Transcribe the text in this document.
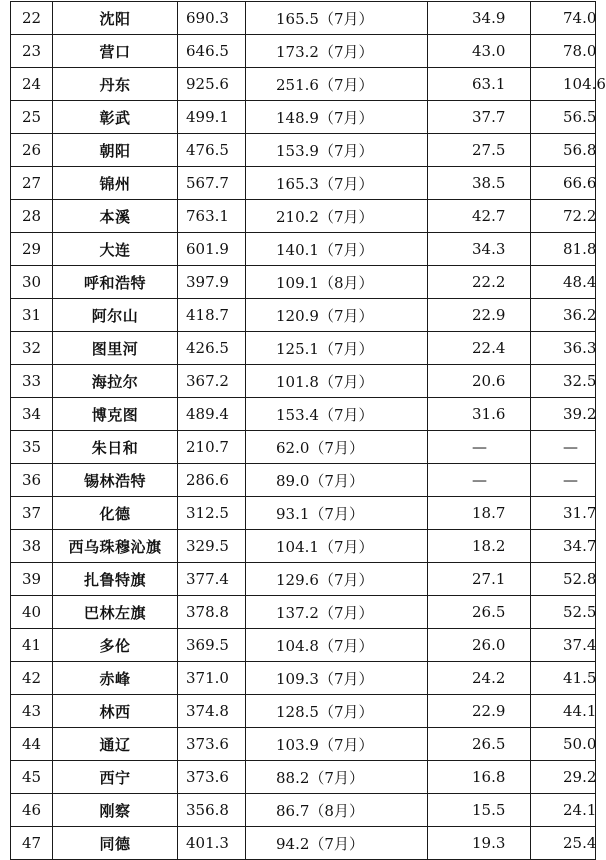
22	沈阳	690.3	165.5（7月）	34.9	74.0
23	营口	646.5	173.2（7月）	43.0	78.0
24	丹东	925.6	251.6（7月）	63.1	104.6
25	彰武	499.1	148.9（7月）	37.7	56.5
26	朝阳	476.5	153.9（7月）	27.5	56.8
27	锦州	567.7	165.3（7月）	38.5	66.6
28	本溪	763.1	210.2（7月）	42.7	72.2
29	大连	601.9	140.1（7月）	34.3	81.8
30	呼和浩特	397.9	109.1（8月）	22.2	48.4
31	阿尔山	418.7	120.9（7月）	22.9	36.2
32	图里河	426.5	125.1（7月）	22.4	36.3
33	海拉尔	367.2	101.8（7月）	20.6	32.5
34	博克图	489.4	153.4（7月）	31.6	39.2
35	朱日和	210.7	62.0（7月）	—	—
36	锡林浩特	286.6	89.0（7月）	—	—
37	化德	312.5	93.1（7月）	18.7	31.7
38	西乌珠穆沁旗	329.5	104.1（7月）	18.2	34.7
39	扎鲁特旗	377.4	129.6（7月）	27.1	52.8
40	巴林左旗	378.8	137.2（7月）	26.5	52.5
41	多伦	369.5	104.8（7月）	26.0	37.4
42	赤峰	371.0	109.3（7月）	24.2	41.5
43	林西	374.8	128.5（7月）	22.9	44.1
44	通辽	373.6	103.9（7月）	26.5	50.0
45	西宁	373.6	88.2（7月）	16.8	29.2
46	刚察	356.8	86.7（8月）	15.5	24.1
47	同德	401.3	94.2（7月）	19.3	25.4
